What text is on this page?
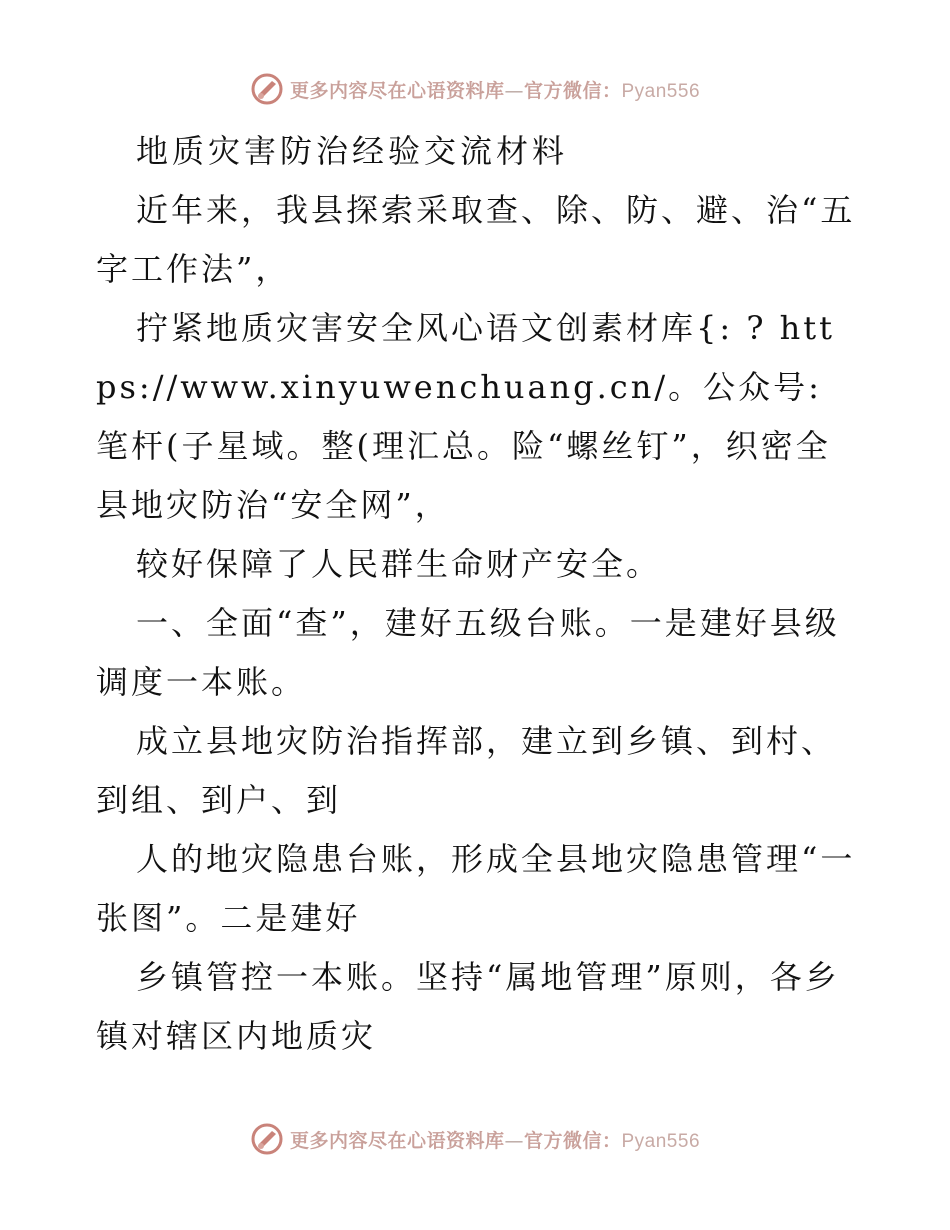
更多内容尽在心语资料库—官方微信：Pyan556

地质灾害防治经验交流材料

近年来，我县探索采取查、除、防、避、治“五字工作法”，

拧紧地质灾害安全风心语文创素材库{: ? https://www.xinyuwenchuang.cn/。公众号: 笔杆(子星域。整(理汇总。险“螺丝钉”，织密全县地灾防治“安全网”，

较好保障了人民群生命财产安全。

一、全面“查”，建好五级台账。一是建好县级调度一本账。

成立县地灾防治指挥部，建立到乡镇、到村、到组、到户、到

人的地灾隐患台账，形成全县地灾隐患管理“一张图”。二是建好

乡镇管控一本账。坚持“属地管理”原则，各乡镇对辖区内地质灾

更多内容尽在心语资料库—官方微信：Pyan556
